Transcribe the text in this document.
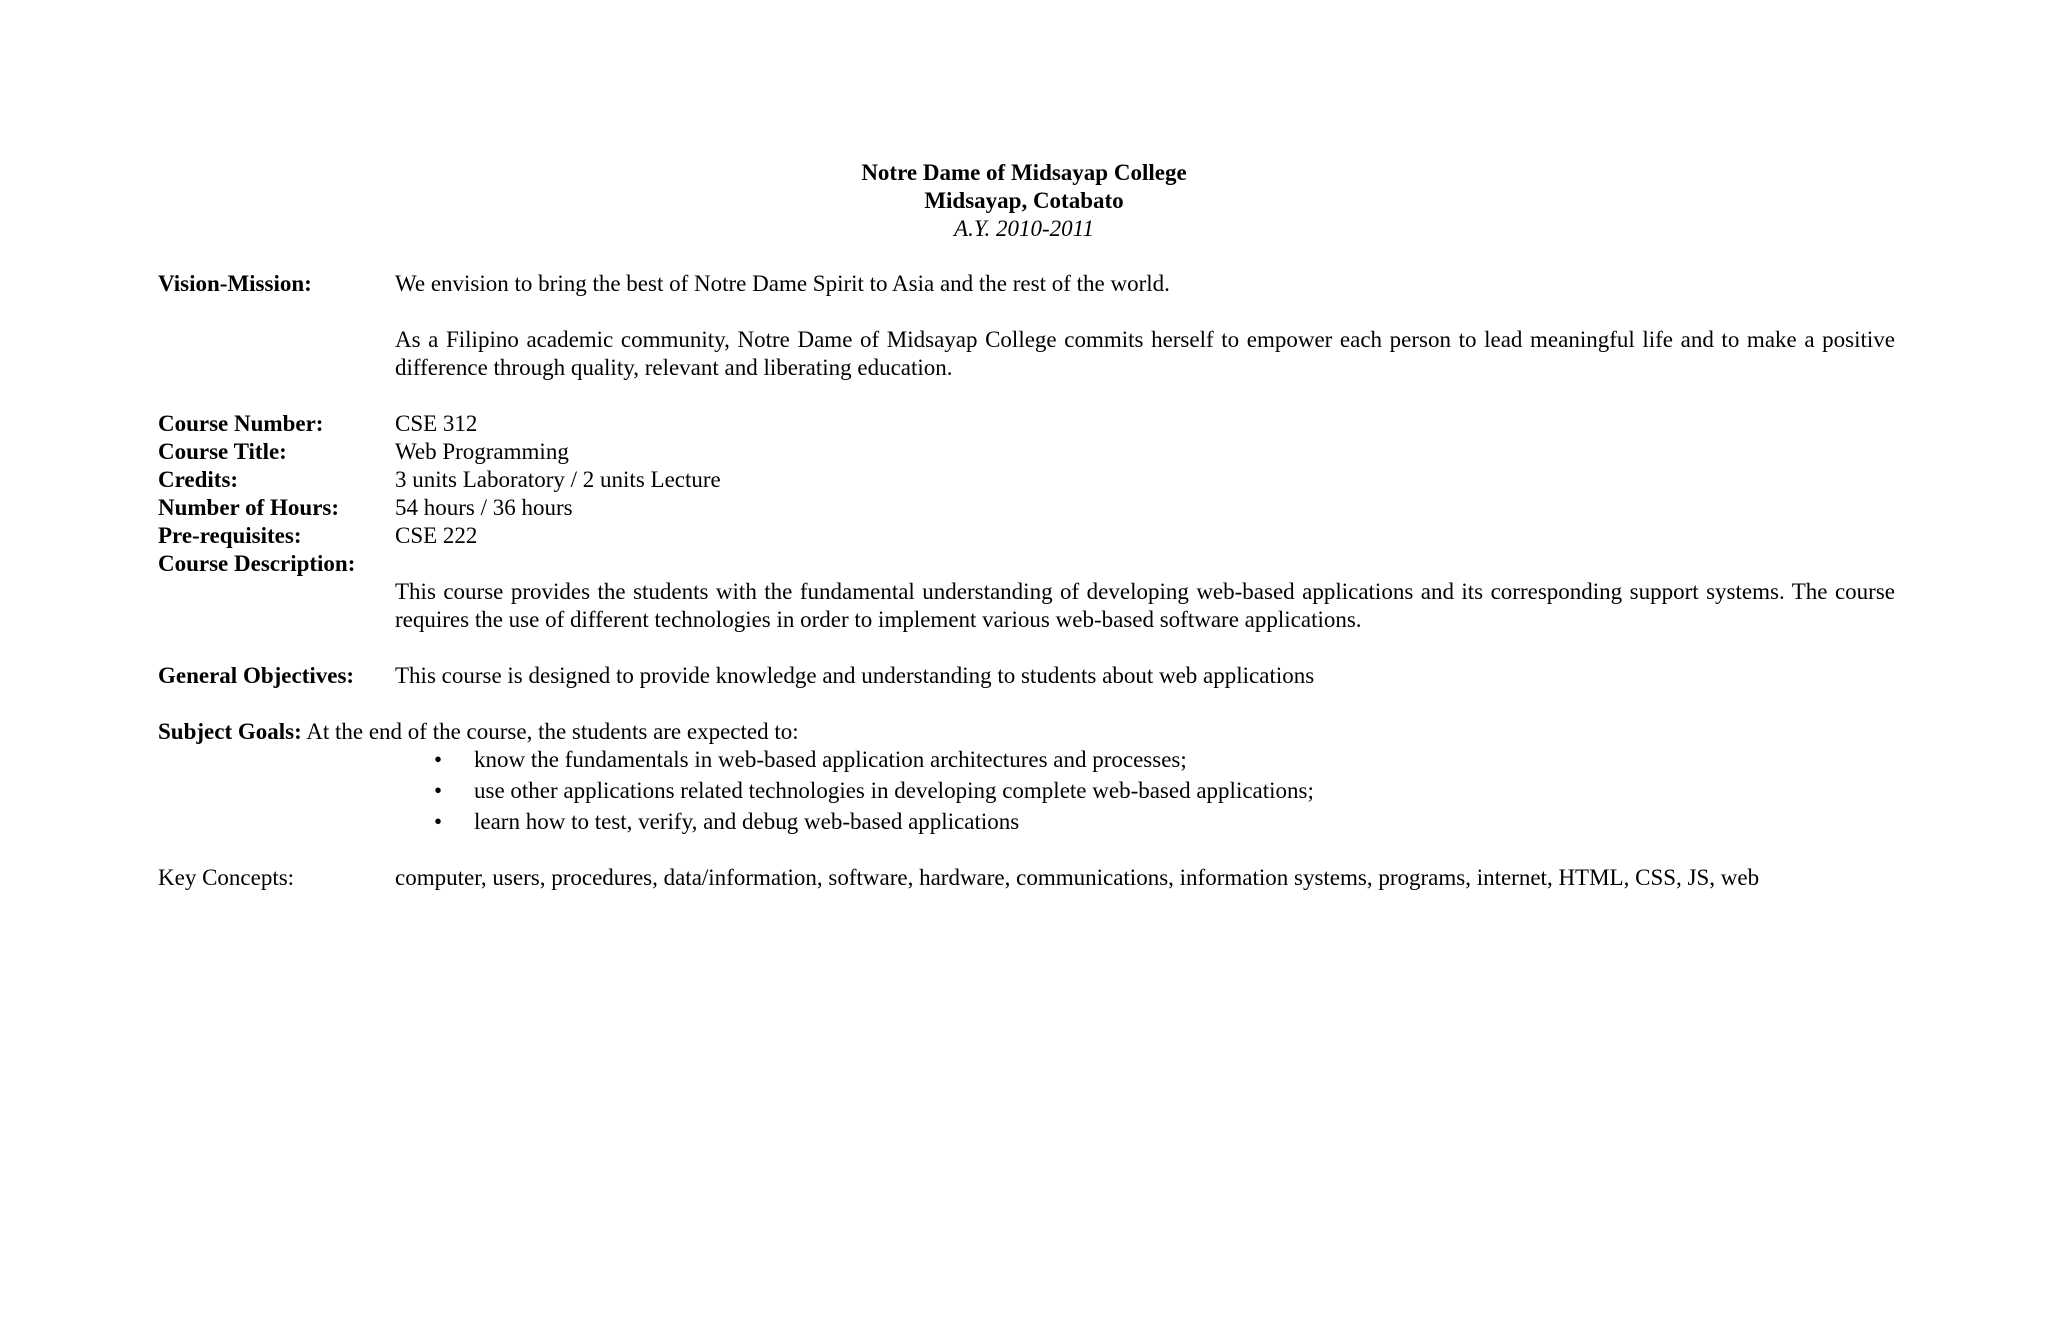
Notre Dame of Midsayap College
Midsayap, Cotabato
A.Y. 2010-2011
Vision-Mission:	We envision to bring the best of Notre Dame Spirit to Asia and the rest of the world.
As a Filipino academic community, Notre Dame of Midsayap College commits herself to empower each person to lead meaningful life and to make a positive difference through quality, relevant and liberating education.
Course Number:	CSE 312
Course Title:	Web Programming
Credits:	3 units Laboratory / 2 units Lecture
Number of Hours: 54 hours / 36 hours
Pre-requisites:	CSE 222
Course Description:
This course provides the students with the fundamental understanding of developing web-based applications and its corresponding support systems. The course requires the use of different technologies in order to implement various web-based software applications.
General Objectives: This course is designed to provide knowledge and understanding to students about web applications
Subject Goals: At the end of the course, the students are expected to:
• know the fundamentals in web-based application architectures and processes;
• use other applications related technologies in developing complete web-based applications;
• learn how to test, verify, and debug web-based applications
Key Concepts:	computer, users, procedures, data/information, software, hardware, communications, information systems, programs, internet, HTML, CSS, JS, web
